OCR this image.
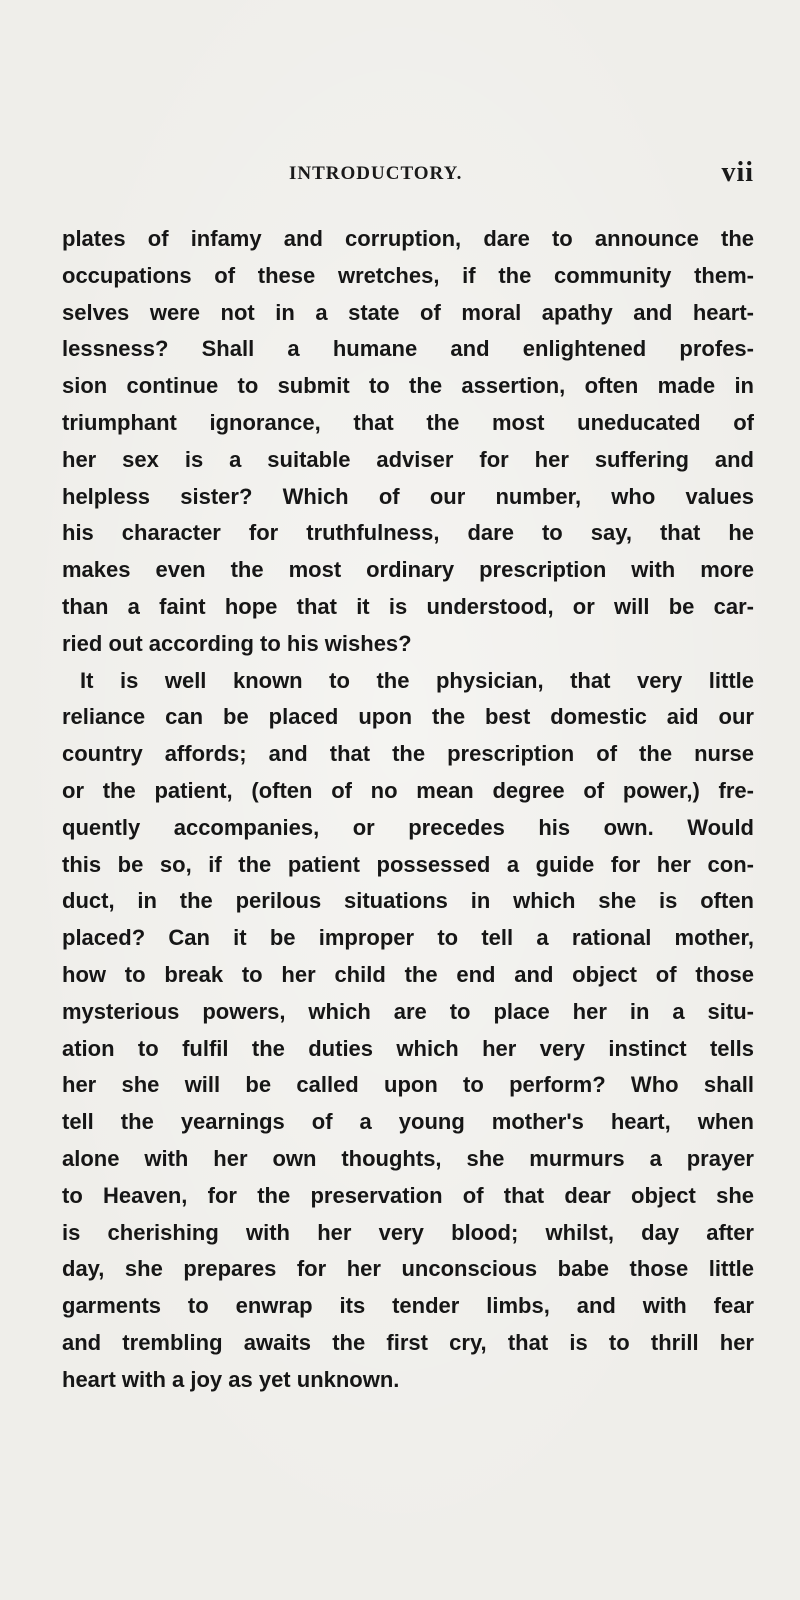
INTRODUCTORY.	vii
plates of infamy and corruption, dare to announce the
occupations of these wretches, if the community them-
selves were not in a state of moral apathy and heart-
lessness? Shall a humane and enlightened profes-
sion continue to submit to the assertion, often made in
triumphant ignorance, that the most uneducated of
her sex is a suitable adviser for her suffering and
helpless sister? Which of our number, who values
his character for truthfulness, dare to say, that he
makes even the most ordinary prescription with more
than a faint hope that it is understood, or will be car-
ried out according to his wishes?
It is well known to the physician, that very little
reliance can be placed upon the best domestic aid our
country affords; and that the prescription of the nurse
or the patient, (often of no mean degree of power,) fre-
quently accompanies, or precedes his own. Would
this be so, if the patient possessed a guide for her con-
duct, in the perilous situations in which she is often
placed? Can it be improper to tell a rational mother,
how to break to her child the end and object of those
mysterious powers, which are to place her in a situ-
ation to fulfil the duties which her very instinct tells
her she will be called upon to perform? Who shall
tell the yearnings of a young mother's heart, when
alone with her own thoughts, she murmurs a prayer
to Heaven, for the preservation of that dear object she
is cherishing with her very blood; whilst, day after
day, she prepares for her unconscious babe those little
garments to enwrap its tender limbs, and with fear
and trembling awaits the first cry, that is to thrill her
heart with a joy as yet unknown.
